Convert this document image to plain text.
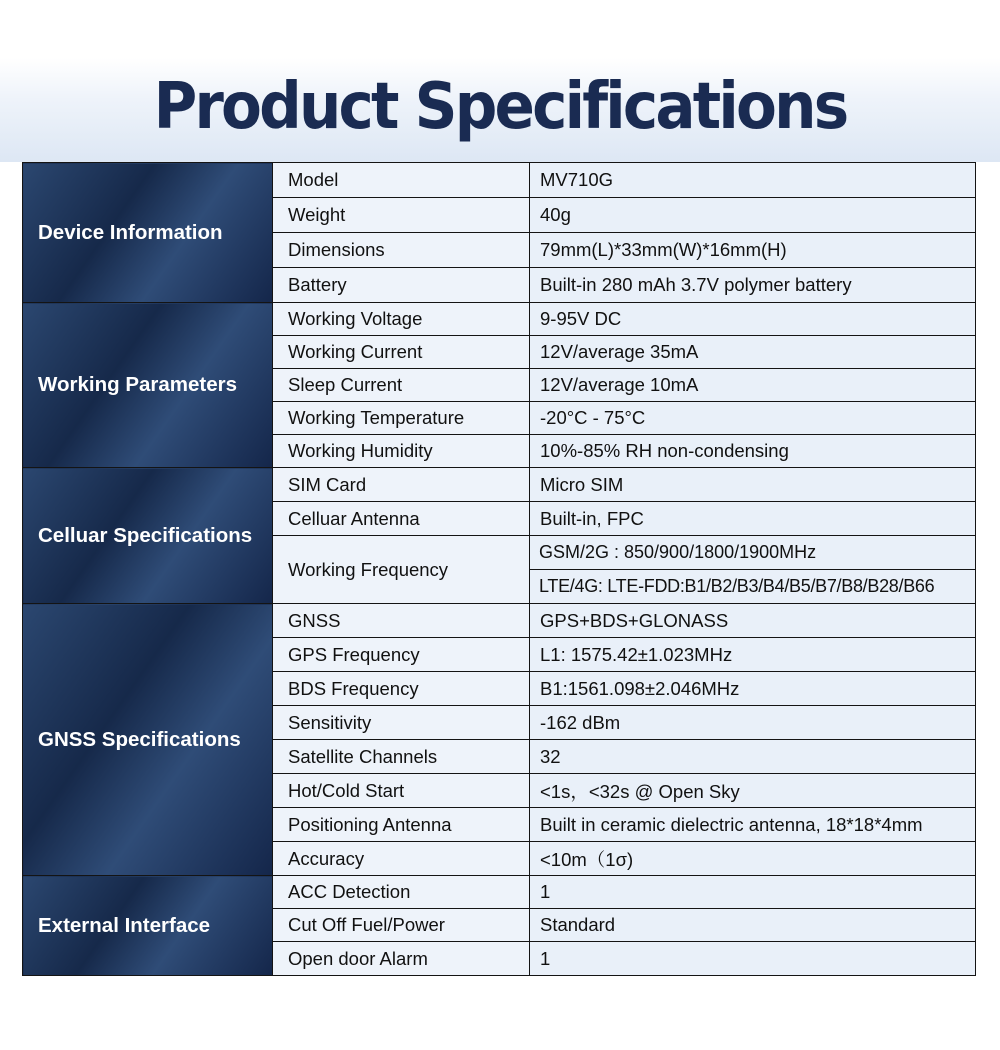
Product Specifications
Device Information	Model	MV710G
	Weight	40g
	Dimensions	79mm(L)*33mm(W)*16mm(H)
	Battery	Built-in 280 mAh 3.7V polymer battery
Working Parameters	Working Voltage	9-95V DC
	Working Current	12V/average 35mA
	Sleep Current	12V/average 10mA
	Working Temperature	-20°C - 75°C
	Working Humidity	10%-85% RH non-condensing
Celluar Specifications	SIM Card	Micro SIM
	Celluar Antenna	Built-in, FPC
	Working Frequency	GSM/2G : 850/900/1800/1900MHz
		LTE/4G: LTE-FDD:B1/B2/B3/B4/B5/B7/B8/B28/B66
GNSS Specifications	GNSS	GPS+BDS+GLONASS
	GPS Frequency	L1: 1575.42±1.023MHz
	BDS Frequency	B1:1561.098±2.046MHz
	Sensitivity	-162 dBm
	Satellite Channels	32
	Hot/Cold Start	<1s，<32s @ Open Sky
	Positioning Antenna	Built in ceramic dielectric antenna, 18*18*4mm
	Accuracy	<10m（1σ)
External Interface	ACC Detection	1
	Cut Off Fuel/Power	Standard
	Open door Alarm	1
